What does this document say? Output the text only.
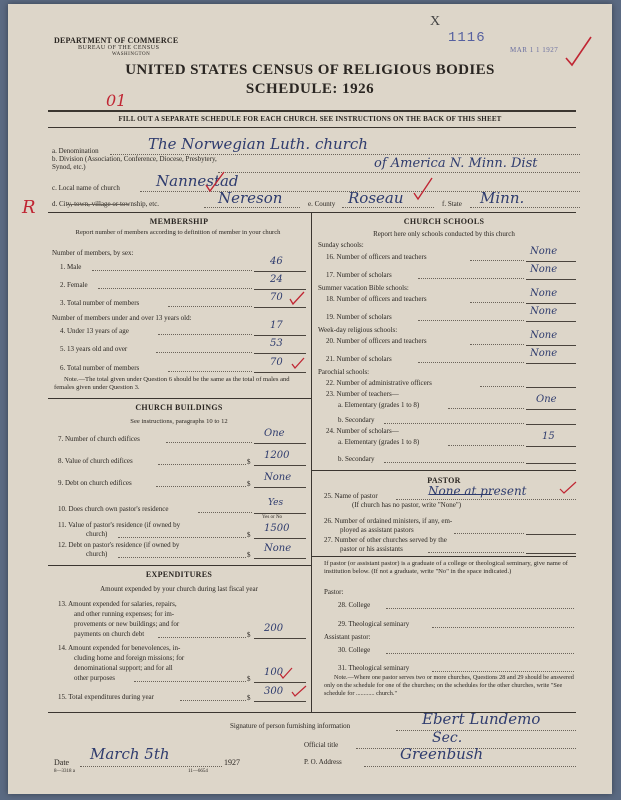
DEPARTMENT OF COMMERCE
BUREAU OF THE CENSUS
WASHINGTON
X
1116
MAR 1 1 1927
UNITED STATES CENSUS OF RELIGIOUS BODIES
SCHEDULE: 1926
01
FILL OUT A SEPARATE SCHEDULE FOR EACH CHURCH. SEE INSTRUCTIONS ON THE BACK OF THIS SHEET
a. Denomination	The Norwegian Luth. church
b. Division (Association, Conference, Diocese, Presbytery, Synod, etc.)	of America N. Minn. Dist
c. Local name of church Nannestad
R d. City, town, village or township, etc.	Nereson	e. County Roseau	f. State Minn.
MEMBERSHIP
Report number of members according to definition of member in your church
Number of members, by sex:
1. Male	46
2. Female	24
3. Total number of members	70
Number of members under and over 13 years old:
4. Under 13 years of age	17
5. 13 years old and over	53
6. Total number of members	70
Note.—The total given under Question 6 should be the same as the total of males and females given under Question 3.
CHURCH BUILDINGS
See instructions, paragraphs 10 to 12
7. Number of church edifices	One
8. Value of church edifices	$
1200
9. Debt on church edifices	$
None
10. Does church own pastor's residence
Yes
Yes or No
11. Value of pastor's residence (if owned by
church)	$
1500
12. Debt on pastor's residence (if owned by
church)	$
None
EXPENDITURES
Amount expended by your church during last fiscal year
13. Amount expended for salaries, repairs,
and other running expenses; for im-
provements or new buildings; and for
payments on church debt	$
200
14. Amount expended for benevolences, in-
cluding home and foreign missions; for
denominational support; and for all
other purposes	$
100
15. Total expenditures during year	$
300
CHURCH SCHOOLS
Report here only schools conducted by this church
Sunday schools:
16. Number of officers and teachers	None
17. Number of scholars	None
Summer vacation Bible schools:
18. Number of officers and teachers	None
19. Number of scholars	None
Week-day religious schools:
20. Number of officers and teachers	None
21. Number of scholars	None
Parochial schools:
22. Number of administrative officers
23. Number of teachers—
a. Elementary (grades 1 to 8)	One
b. Secondary
24. Number of scholars—
a. Elementary (grades 1 to 8)	15
b. Secondary
PASTOR
25. Name of pastor	None at present
(If church has no pastor, write "None")
26. Number of ordained ministers, if any, em-
ployed as assistant pastors
27. Number of other churches served by the
pastor or his assistants
If pastor (or assistant pastor) is a graduate of a college or theological seminary, give name of institution below. (If not a graduate, write "No" in the space indicated.)
Pastor:
28. College
29. Theological seminary
Assistant pastor:
30. College
31. Theological seminary
Note.—Where one pastor serves two or more churches, Questions 28 and 29 should be answered only on the schedule for one of the churches; on the schedules for the other churches, write "See schedule for ............ church."
Signature of person furnishing information	Ebert Lundemo
Official title	Sec.
Date March 5th	1927
8—3318 a	11—6654
P. O. Address	Greenbush
